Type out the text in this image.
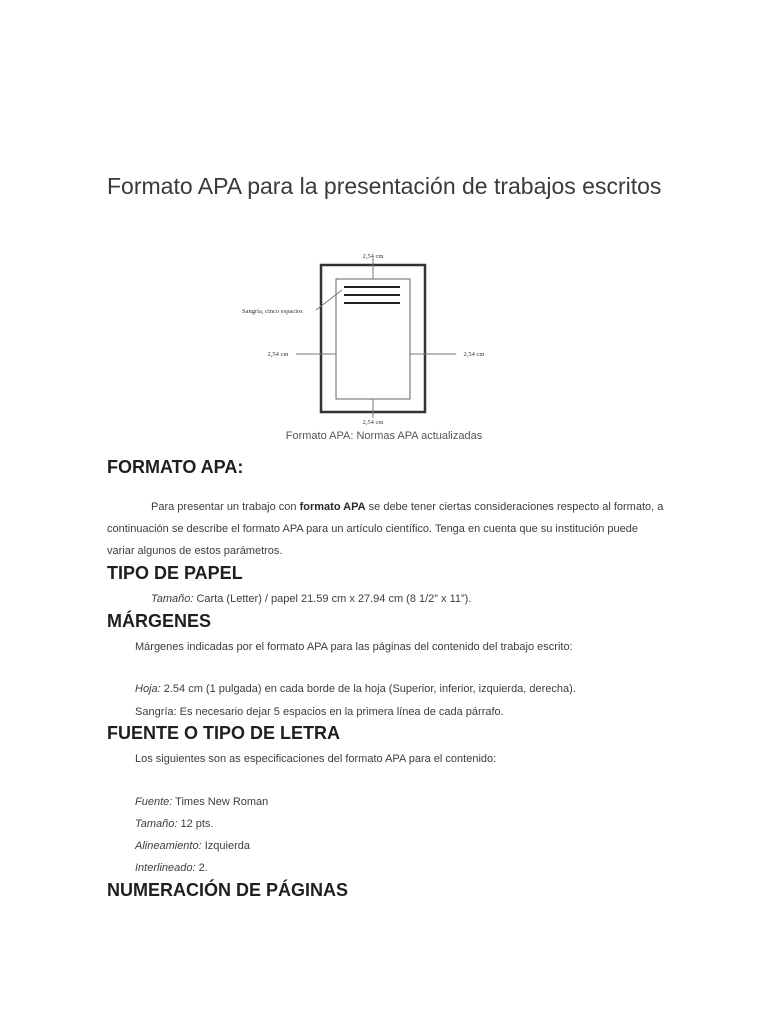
Formato APA para la presentación de trabajos escritos
2,54 cm
2,54 cm	2,54 cm
2,54 cm
Sangría, cinco espacios
Formato APA: Normas APA actualizadas
FORMATO APA:

Para presentar un trabajo con formato APA se debe tener ciertas consideraciones respecto al formato, a continuación se describe el formato APA para un artículo científico. Tenga en cuenta que su institución puede variar algunos de estos parámetros.

TIPO DE PAPEL

Tamaño: Carta (Letter) / papel 21.59 cm x 27.94 cm (8 1/2” x 11”).

MÁRGENES

Márgenes indicadas por el formato APA para las páginas del contenido del trabajo escrito:

Hoja: 2.54 cm (1 pulgada) en cada borde de la hoja (Superior, inferior, izquierda, derecha).

Sangría: Es necesario dejar 5 espacios en la primera línea de cada párrafo.

FUENTE O TIPO DE LETRA

Los siguientes son as especificaciones del formato APA para el contenido:

Fuente: Times New Roman

Tamaño: 12 pts.

Alineamiento: Izquierda

Interlineado: 2.

NUMERACIÓN DE PÁGINAS
